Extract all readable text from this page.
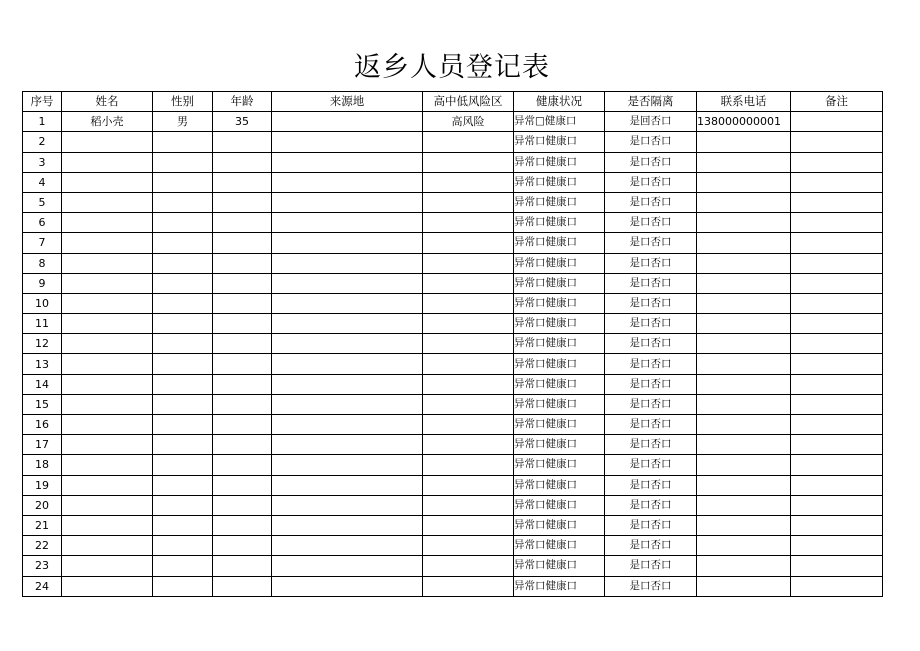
返乡人员登记表
序号	姓名	性别	年龄	来源地	高中低风险区	健康状况	是否隔离	联系电话	备注
1	稻小壳	男	35		高风险	异常□健康口	是回否口	138000000001	
2						异常口健康口	是口否口		
3						异常口健康口	是口否口		
4						异常口健康口	是口否口		
5						异常口健康口	是口否口		
6						异常口健康口	是口否口		
7						异常口健康口	是口否口		
8						异常口健康口	是口否口		
9						异常口健康口	是口否口		
10						异常口健康口	是口否口		
11						异常口健康口	是口否口		
12						异常口健康口	是口否口		
13						异常口健康口	是口否口		
14						异常口健康口	是口否口		
15						异常口健康口	是口否口		
16						异常口健康口	是口否口		
17						异常口健康口	是口否口		
18						异常口健康口	是口否口		
19						异常口健康口	是口否口		
20						异常口健康口	是口否口		
21						异常口健康口	是口否口		
22						异常口健康口	是口否口		
23						异常口健康口	是口否口		
24						异常口健康口	是口否口		
